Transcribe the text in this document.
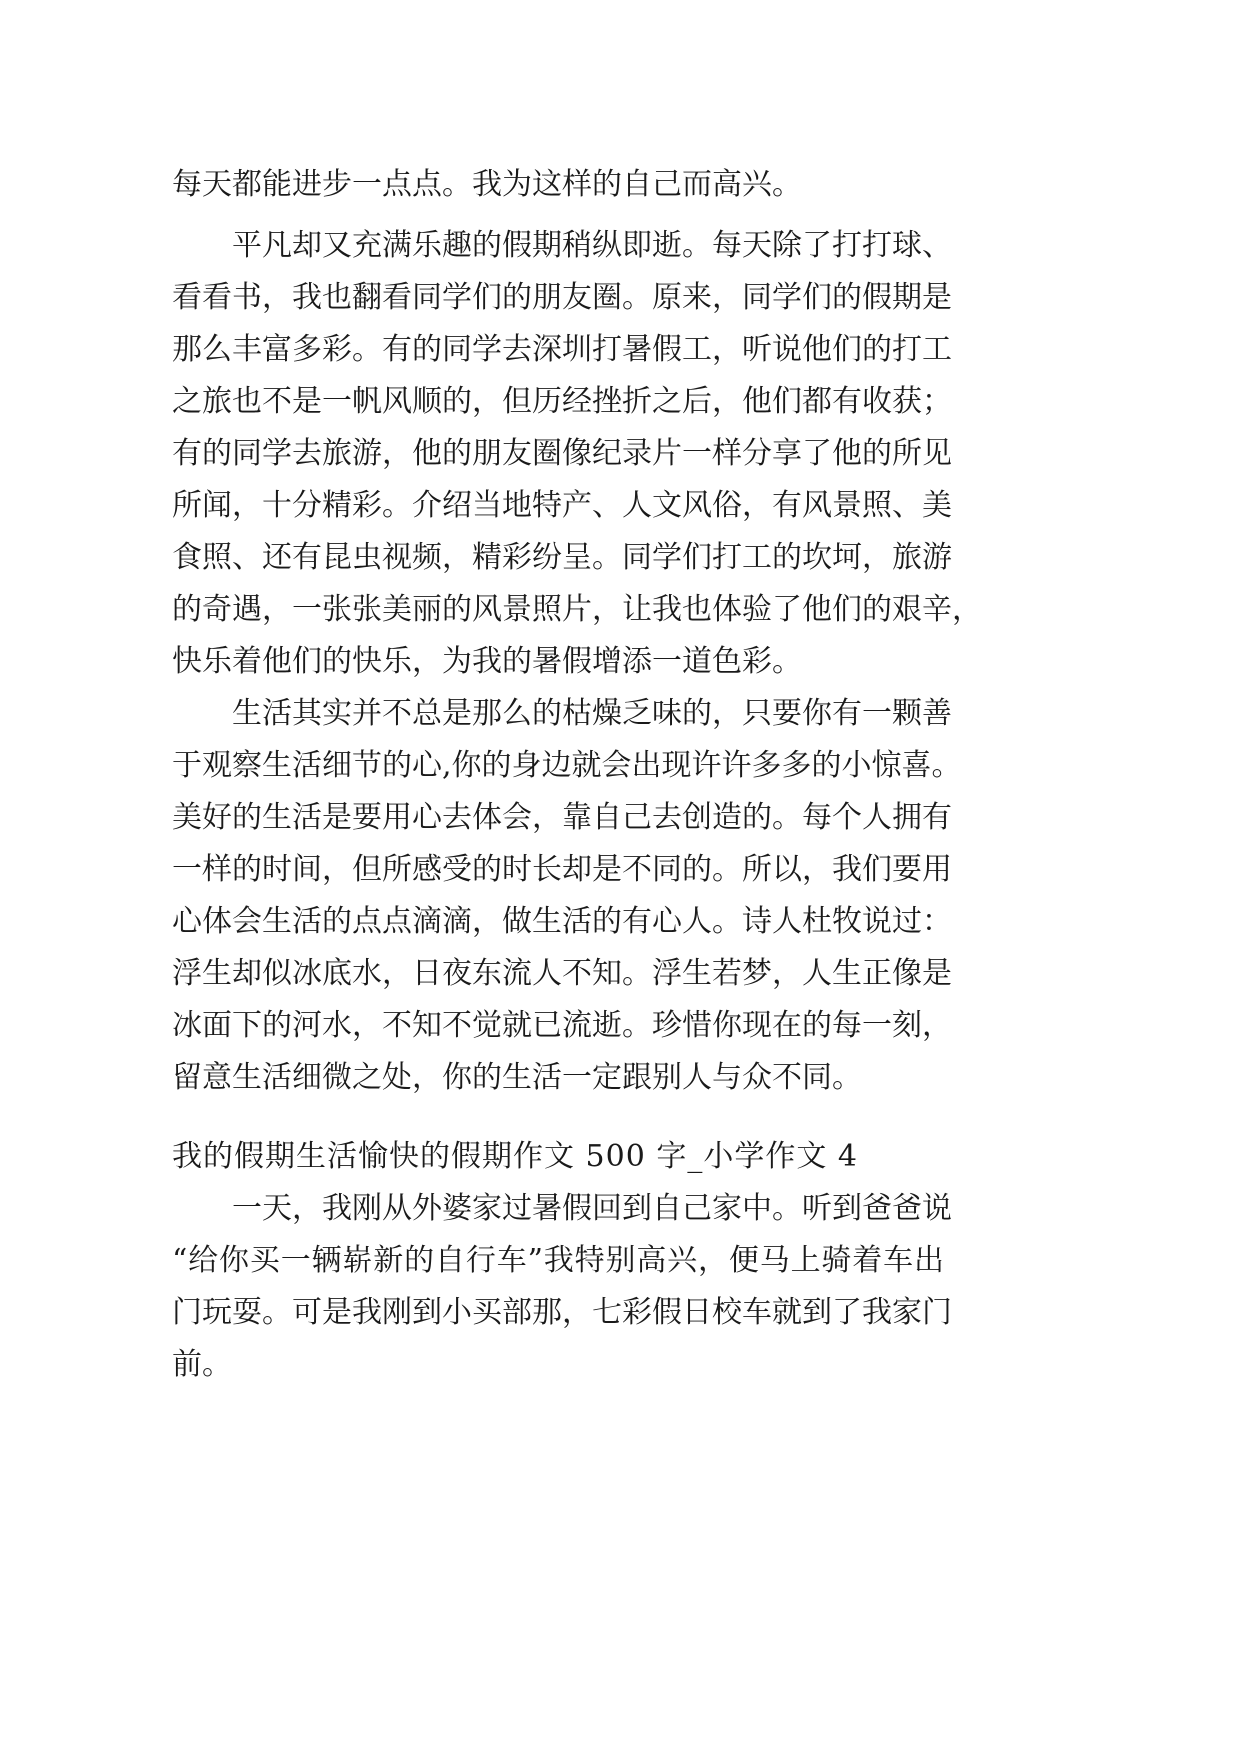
每天都能进步一点点。我为这样的自己而高兴。
平凡却又充满乐趣的假期稍纵即逝。每天除了打打球、
看看书，我也翻看同学们的朋友圈。原来，同学们的假期是
那么丰富多彩。有的同学去深圳打暑假工，听说他们的打工
之旅也不是一帆风顺的，但历经挫折之后，他们都有收获；
有的同学去旅游，他的朋友圈像纪录片一样分享了他的所见
所闻，十分精彩。介绍当地特产、人文风俗，有风景照、美
食照、还有昆虫视频，精彩纷呈。同学们打工的坎坷，旅游
的奇遇，一张张美丽的风景照片，让我也体验了他们的艰辛，
快乐着他们的快乐，为我的暑假增添一道色彩。
生活其实并不总是那么的枯燥乏味的，只要你有一颗善
于观察生活细节的心,你的身边就会出现许许多多的小惊喜。
美好的生活是要用心去体会，靠自己去创造的。每个人拥有
一样的时间，但所感受的时长却是不同的。所以，我们要用
心体会生活的点点滴滴，做生活的有心人。诗人杜牧说过：
浮生却似冰底水，日夜东流人不知。浮生若梦，人生正像是
冰面下的河水，不知不觉就已流逝。珍惜你现在的每一刻，
留意生活细微之处，你的生活一定跟别人与众不同。
我的假期生活愉快的假期作文 500 字_小学作文 4
一天，我刚从外婆家过暑假回到自己家中。听到爸爸说
“给你买一辆崭新的自行车”我特别高兴，便马上骑着车出
门玩耍。可是我刚到小买部那，七彩假日校车就到了我家门
前。
